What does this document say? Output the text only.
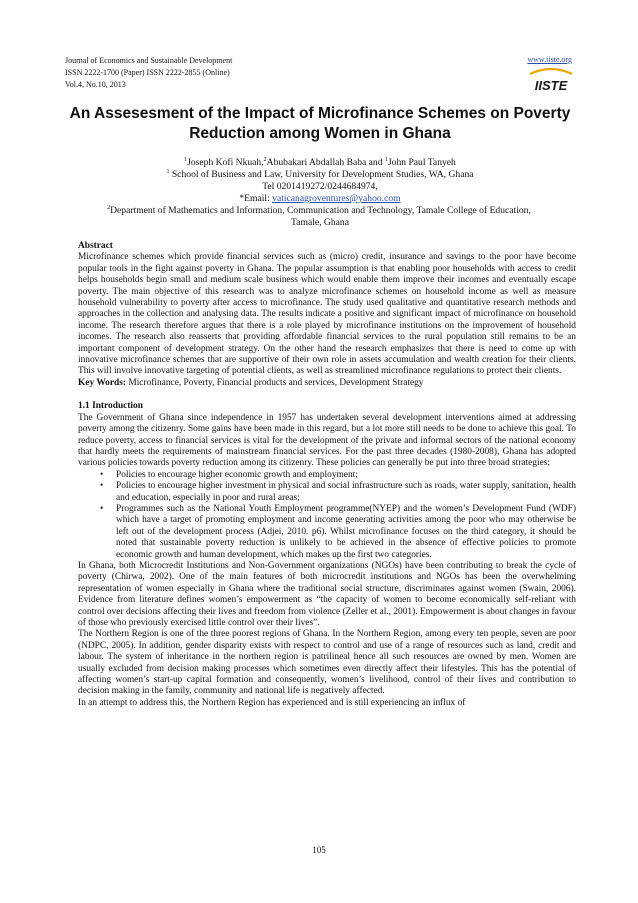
Journal of Economics and Sustainable Development
ISSN 2222-1700 (Paper) ISSN 2222-2855 (Online)
Vol.4, No.10, 2013
www.iiste.org
IISTE
An Assesesment of the Impact of Microfinance Schemes on Poverty Reduction among Women in Ghana
$^1$Joseph Kofi Nkuah,$^2$Abubakari Abdallah Baba and $^1$John Paul Tanyeh
$^1$ School of Business and Law, University for Development Studies, WA, Ghana
Tel 0201419272/0244684974,
*Email: vaticanagroventures@yahoo.com
$^2$Department of Mathematics and Information, Communication and Technology, Tamale College of Education,
Tamale, Ghana

Abstract

Microfinance schemes which provide financial services such as (micro) credit, insurance and savings to the poor have become popular tools in the fight against poverty in Ghana. The popular assumption is that enabling poor households with access to credit helps households begin small and medium scale business which would enable them improve their incomes and eventually escape poverty. The main objective of this research was to analyze microfinance schemes on household income as well as measure household vulnerability to poverty after access to microfinance. The study used qualitative and quantitative research methods and approaches in the collection and analysing data. The results indicate a positive and significant impact of microfinance on household income. The research therefore argues that there is a role played by microfinance institutions on the improvement of household incomes. The research also reasserts that providing affordable financial services to the rural population still remains to be an important component of development strategy. On the other hand the research emphasizes that there is need to come up with innovative microfinance schemes that are supportive of their own role in assets accumulation and wealth creation for their clients. This will involve innovative targeting of potential clients, as well as streamlined microfinance regulations to protect their clients.

Key Words: Microfinance, Poverty, Financial products and services, Development Strategy

1.1 Introduction

The Government of Ghana since independence in 1957 has undertaken several development interventions aimed at addressing poverty among the citizenry. Some gains have been made in this regard, but a lot more still needs to be done to achieve this goal. To reduce poverty, access to financial services is vital for the development of the private and informal sectors of the national economy that hardly meets the requirements of mainstream financial services. For the past three decades (1980-2008), Ghana has adopted various policies towards poverty reduction among its citizenry. These policies can generally be put into three broad strategies;

• Policies to encourage higher economic growth and employment;
• Policies to encourage higher investment in physical and social infrastructure such as roads, water supply, sanitation, health and education, especially in poor and rural areas;
• Programmes such as the National Youth Employment programme(NYEP) and the women’s Development Fund (WDF) which have a target of promoting employment and income generating activities among the poor who may otherwise be left out of the development process (Adjei, 2010. p6). Whilst microfinance focuses on the third category, it should be noted that sustainable poverty reduction is unlikely to be achieved in the absence of effective policies to promote economic growth and human development, which makes up the first two categories.

In Ghana, both Microcredit Institutions and Non-Government organizations (NGOs) have been contributing to break the cycle of poverty (Chirwa, 2002). One of the main features of both microcredit institutions and NGOs has been the overwhelming representation of women especially in Ghana where the traditional social structure, discriminates against women (Swain, 2006). Evidence from literature defines women’s empowerment as “the capacity of women to become economically self-reliant with control over decisions affecting their lives and freedom from violence (Zeller et al., 2001). Empowerment is about changes in favour of those who previously exercised little control over their lives”.

The Northern Region is one of the three poorest regions of Ghana. In the Northern Region, among every ten people, seven are poor (NDPC, 2005). In addition, gender disparity exists with respect to control and use of a range of resources such as land, credit and labour. The system of inheritance in the northern region is patrilineal hence all such resources are owned by men. Women are usually excluded from decision making processes which sometimes even directly affect their lifestyles. This has the potential of affecting women’s start-up capital formation and consequently, women’s livelihood, control of their lives and contribution to decision making in the family, community and national life is negatively affected.

In an attempt to address this, the Northern Region has experienced and is still experiencing an influx of

105
